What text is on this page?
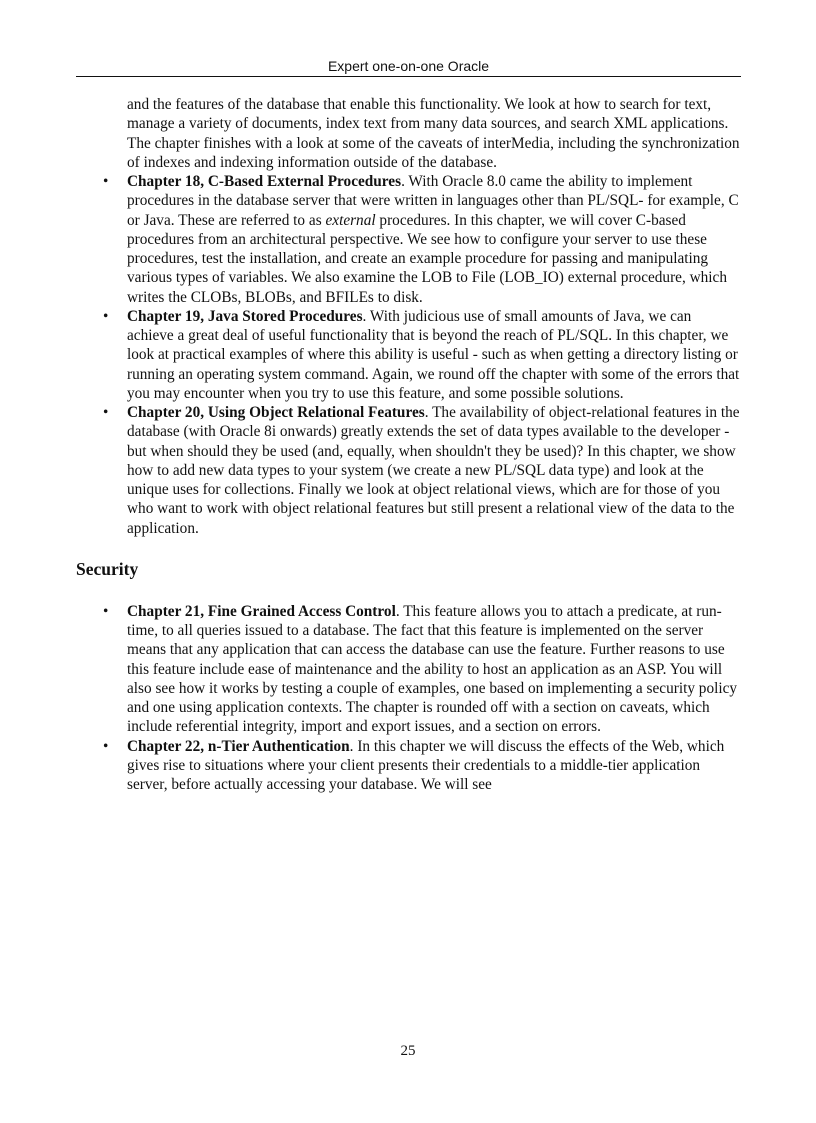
Expert one-on-one Oracle
and the features of the database that enable this functionality. We look at how to search for text, manage a variety of documents, index text from many data sources, and search XML applications. The chapter finishes with a look at some of the caveats of interMedia, including the synchronization of indexes and indexing information outside of the database.
• Chapter 18, C-Based External Procedures. With Oracle 8.0 came the ability to implement procedures in the database server that were written in languages other than PL/SQL- for example, C or Java. These are referred to as external procedures. In this chapter, we will cover C-based procedures from an architectural perspective. We see how to configure your server to use these procedures, test the installation, and create an example procedure for passing and manipulating various types of variables. We also examine the LOB to File (LOB_IO) external procedure, which writes the CLOBs, BLOBs, and BFILEs to disk.
• Chapter 19, Java Stored Procedures. With judicious use of small amounts of Java, we can achieve a great deal of useful functionality that is beyond the reach of PL/SQL. In this chapter, we look at practical examples of where this ability is useful - such as when getting a directory listing or running an operating system command. Again, we round off the chapter with some of the errors that you may encounter when you try to use this feature, and some possible solutions.
• Chapter 20, Using Object Relational Features. The availability of object-relational features in the database (with Oracle 8i onwards) greatly extends the set of data types available to the developer - but when should they be used (and, equally, when shouldn't they be used)? In this chapter, we show how to add new data types to your system (we create a new PL/SQL data type) and look at the unique uses for collections. Finally we look at object relational views, which are for those of you who want to work with object relational features but still present a relational view of the data to the application.
Security
• Chapter 21, Fine Grained Access Control. This feature allows you to attach a predicate, at run-time, to all queries issued to a database. The fact that this feature is implemented on the server means that any application that can access the database can use the feature. Further reasons to use this feature include ease of maintenance and the ability to host an application as an ASP. You will also see how it works by testing a couple of examples, one based on implementing a security policy and one using application contexts. The chapter is rounded off with a section on caveats, which include referential integrity, import and export issues, and a section on errors.
• Chapter 22, n-Tier Authentication. In this chapter we will discuss the effects of the Web, which gives rise to situations where your client presents their credentials to a middle-tier application server, before actually accessing your database. We will see
25
